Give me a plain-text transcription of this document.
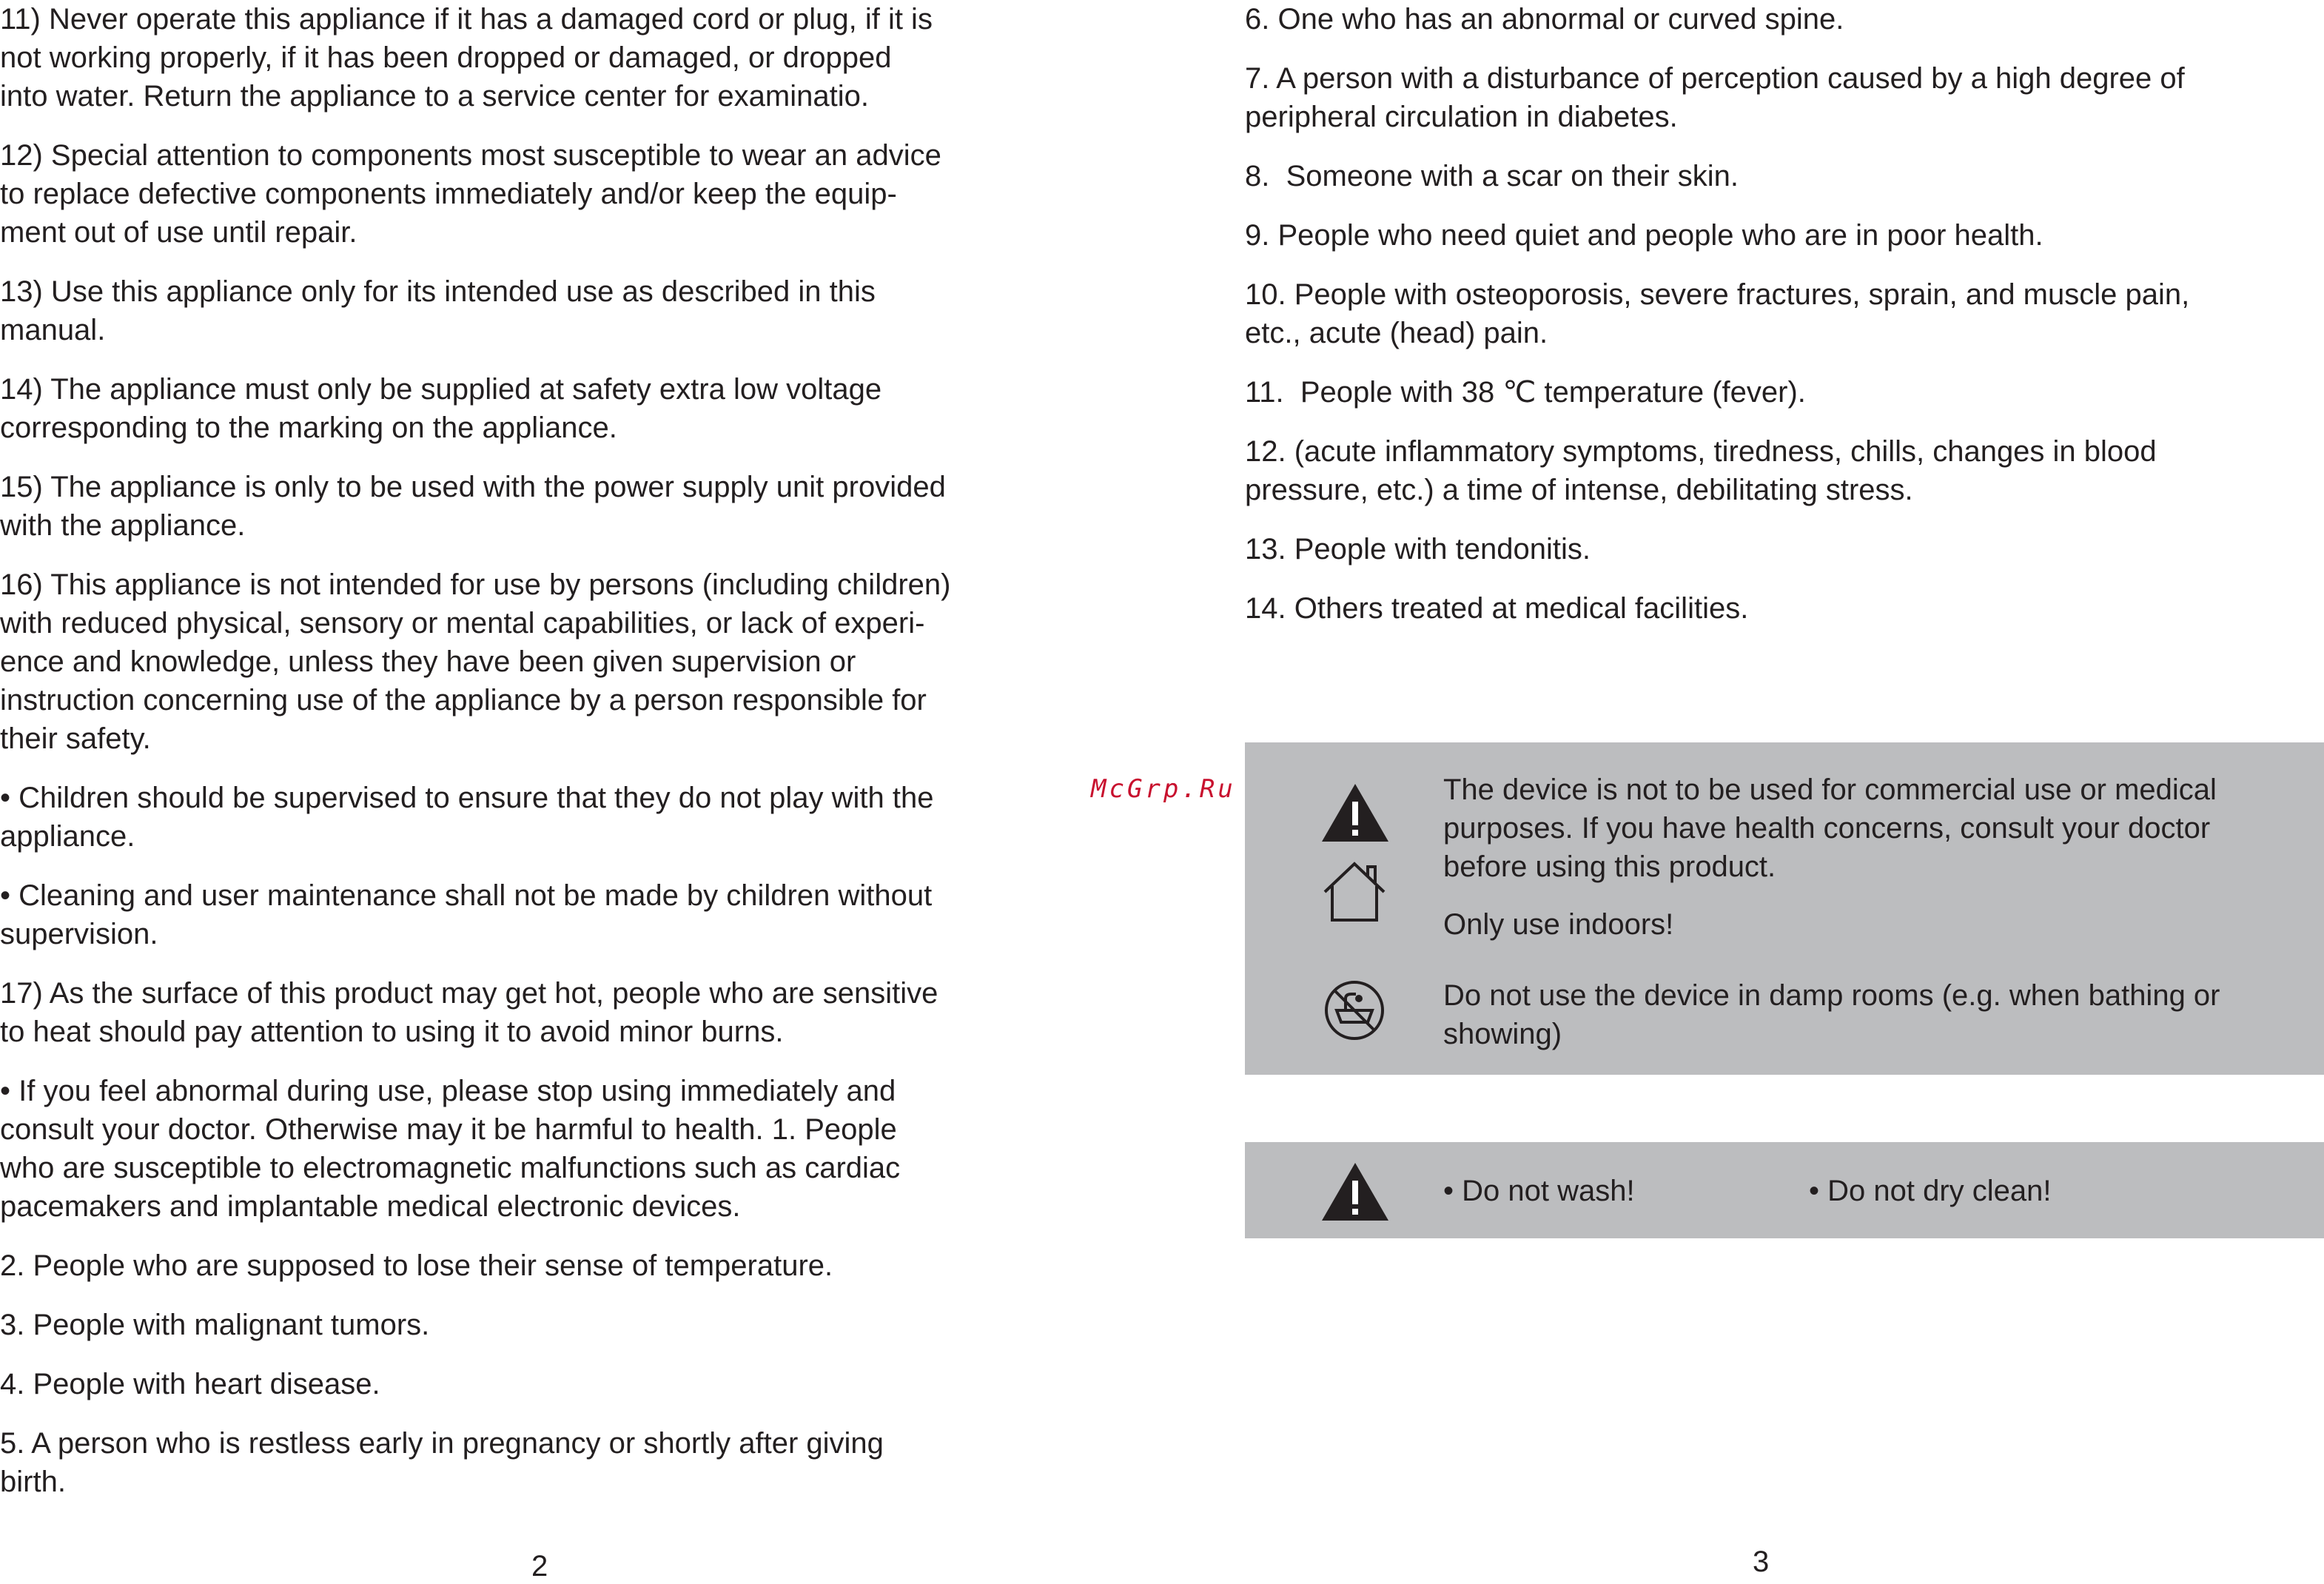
11) Never operate this appliance if it has a damaged cord or plug, if it is
not working properly, if it has been dropped or damaged, or dropped
into water. Return the appliance to a service center for examinatio.

12) Special attention to components most susceptible to wear an advice
to replace defective components immediately and/or keep the equip-
ment out of use until repair.

13) Use this appliance only for its intended use as described in this
manual.

14) The appliance must only be supplied at safety extra low voltage
corresponding to the marking on the appliance.

15) The appliance is only to be used with the power supply unit provided
with the appliance.

16) This appliance is not intended for use by persons (including children)
with reduced physical, sensory or mental capabilities, or lack of experi-
ence and knowledge, unless they have been given supervision or
instruction concerning use of the appliance by a person responsible for
their safety.

• Children should be supervised to ensure that they do not play with the
appliance.

• Cleaning and user maintenance shall not be made by children without
supervision.

17) As the surface of this product may get hot, people who are sensitive
to heat should pay attention to using it to avoid minor burns.

• If you feel abnormal during use, please stop using immediately and
consult your doctor. Otherwise may it be harmful to health. 1. People
who are susceptible to electromagnetic malfunctions such as cardiac
pacemakers and implantable medical electronic devices.

2. People who are supposed to lose their sense of temperature.

3. People with malignant tumors.

4. People with heart disease.

5. A person who is restless early in pregnancy or shortly after giving
birth.

6. One who has an abnormal or curved spine.

7. A person with a disturbance of perception caused by a high degree of
peripheral circulation in diabetes.

8.  Someone with a scar on their skin.

9. People who need quiet and people who are in poor health.

10. People with osteoporosis, severe fractures, sprain, and muscle pain,
etc., acute (head) pain.

11.  People with 38 ℃ temperature (fever).

12. (acute inflammatory symptoms, tiredness, chills, changes in blood
pressure, etc.) a time of intense, debilitating stress.

13. People with tendonitis.

14. Others treated at medical facilities.

McGrp.Ru	The device is not to be used for commercial use or medical
purposes. If you have health concerns, consult your doctor
before using this product.

Only use indoors!

Do not use the device in damp rooms (e.g. when bathing or
showing)

• Do not wash!	• Do not dry clean!

2	3
